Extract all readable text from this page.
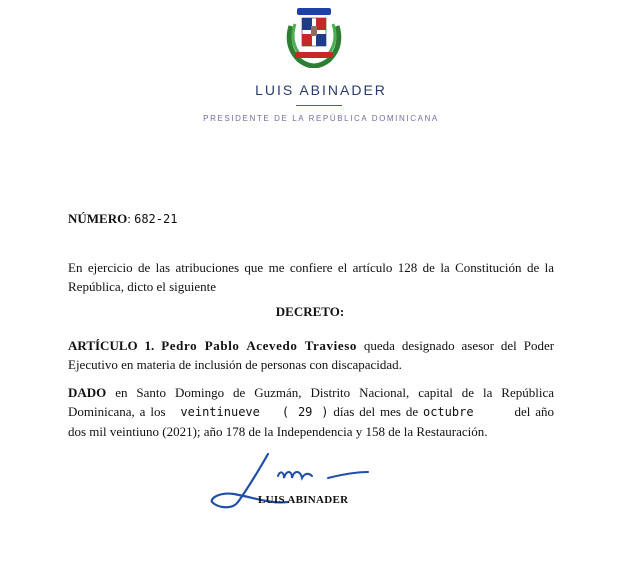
LUIS ABINADER
PRESIDENTE DE LA REPÚBLICA DOMINICANA
NÚMERO: 682-21
En ejercicio de las atribuciones que me confiere el artículo 128 de la Constitución de la República, dicto el siguiente
DECRETO:
ARTÍCULO 1. Pedro Pablo Acevedo Travieso queda designado asesor del Poder Ejecutivo en materia de inclusión de personas con discapacidad.
DADO en Santo Domingo de Guzmán, Distrito Nacional, capital de la República Dominicana, a los veintinueve ( 29 ) días del mes de octubre	del año dos mil veintiuno (2021); año 178 de la Independencia y 158 de la Restauración.
LUIS ABINADER
